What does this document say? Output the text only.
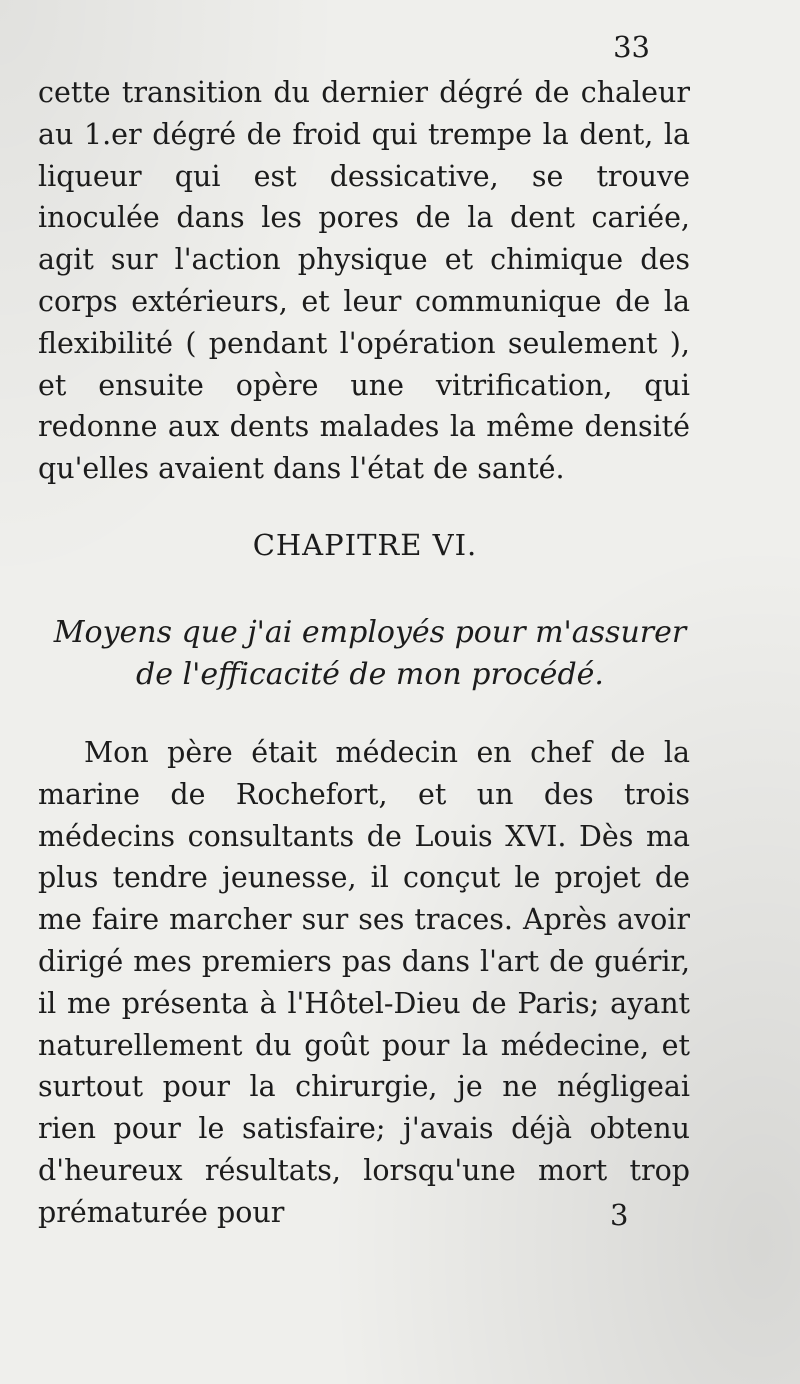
33

cette transition du dernier dégré de chaleur au 1.er dégré de froid qui trempe la dent, la liqueur qui est dessicative, se trouve inoculée dans les pores de la dent cariée, agit sur l'action physique et chimique des corps extérieurs, et leur communique de la flexibilité ( pendant l'opération seulement ), et ensuite opère une vitrification, qui redonne aux dents malades la même densité qu'elles avaient dans l'état de santé.

CHAPITRE VI.
Moyens que j'ai employés pour m'assurer de l'efficacité de mon procédé.

Mon père était médecin en chef de la marine de Rochefort, et un des trois médecins consultants de Louis XVI. Dès ma plus tendre jeunesse, il conçut le projet de me faire marcher sur ses traces. Après avoir dirigé mes premiers pas dans l'art de guérir, il me présenta à l'Hôtel-Dieu de Paris; ayant naturellement du goût pour la médecine, et surtout pour la chirurgie, je ne négligeai rien pour le satisfaire; j'avais déjà obtenu d'heureux résultats, lorsqu'une mort trop prématurée pour	3
